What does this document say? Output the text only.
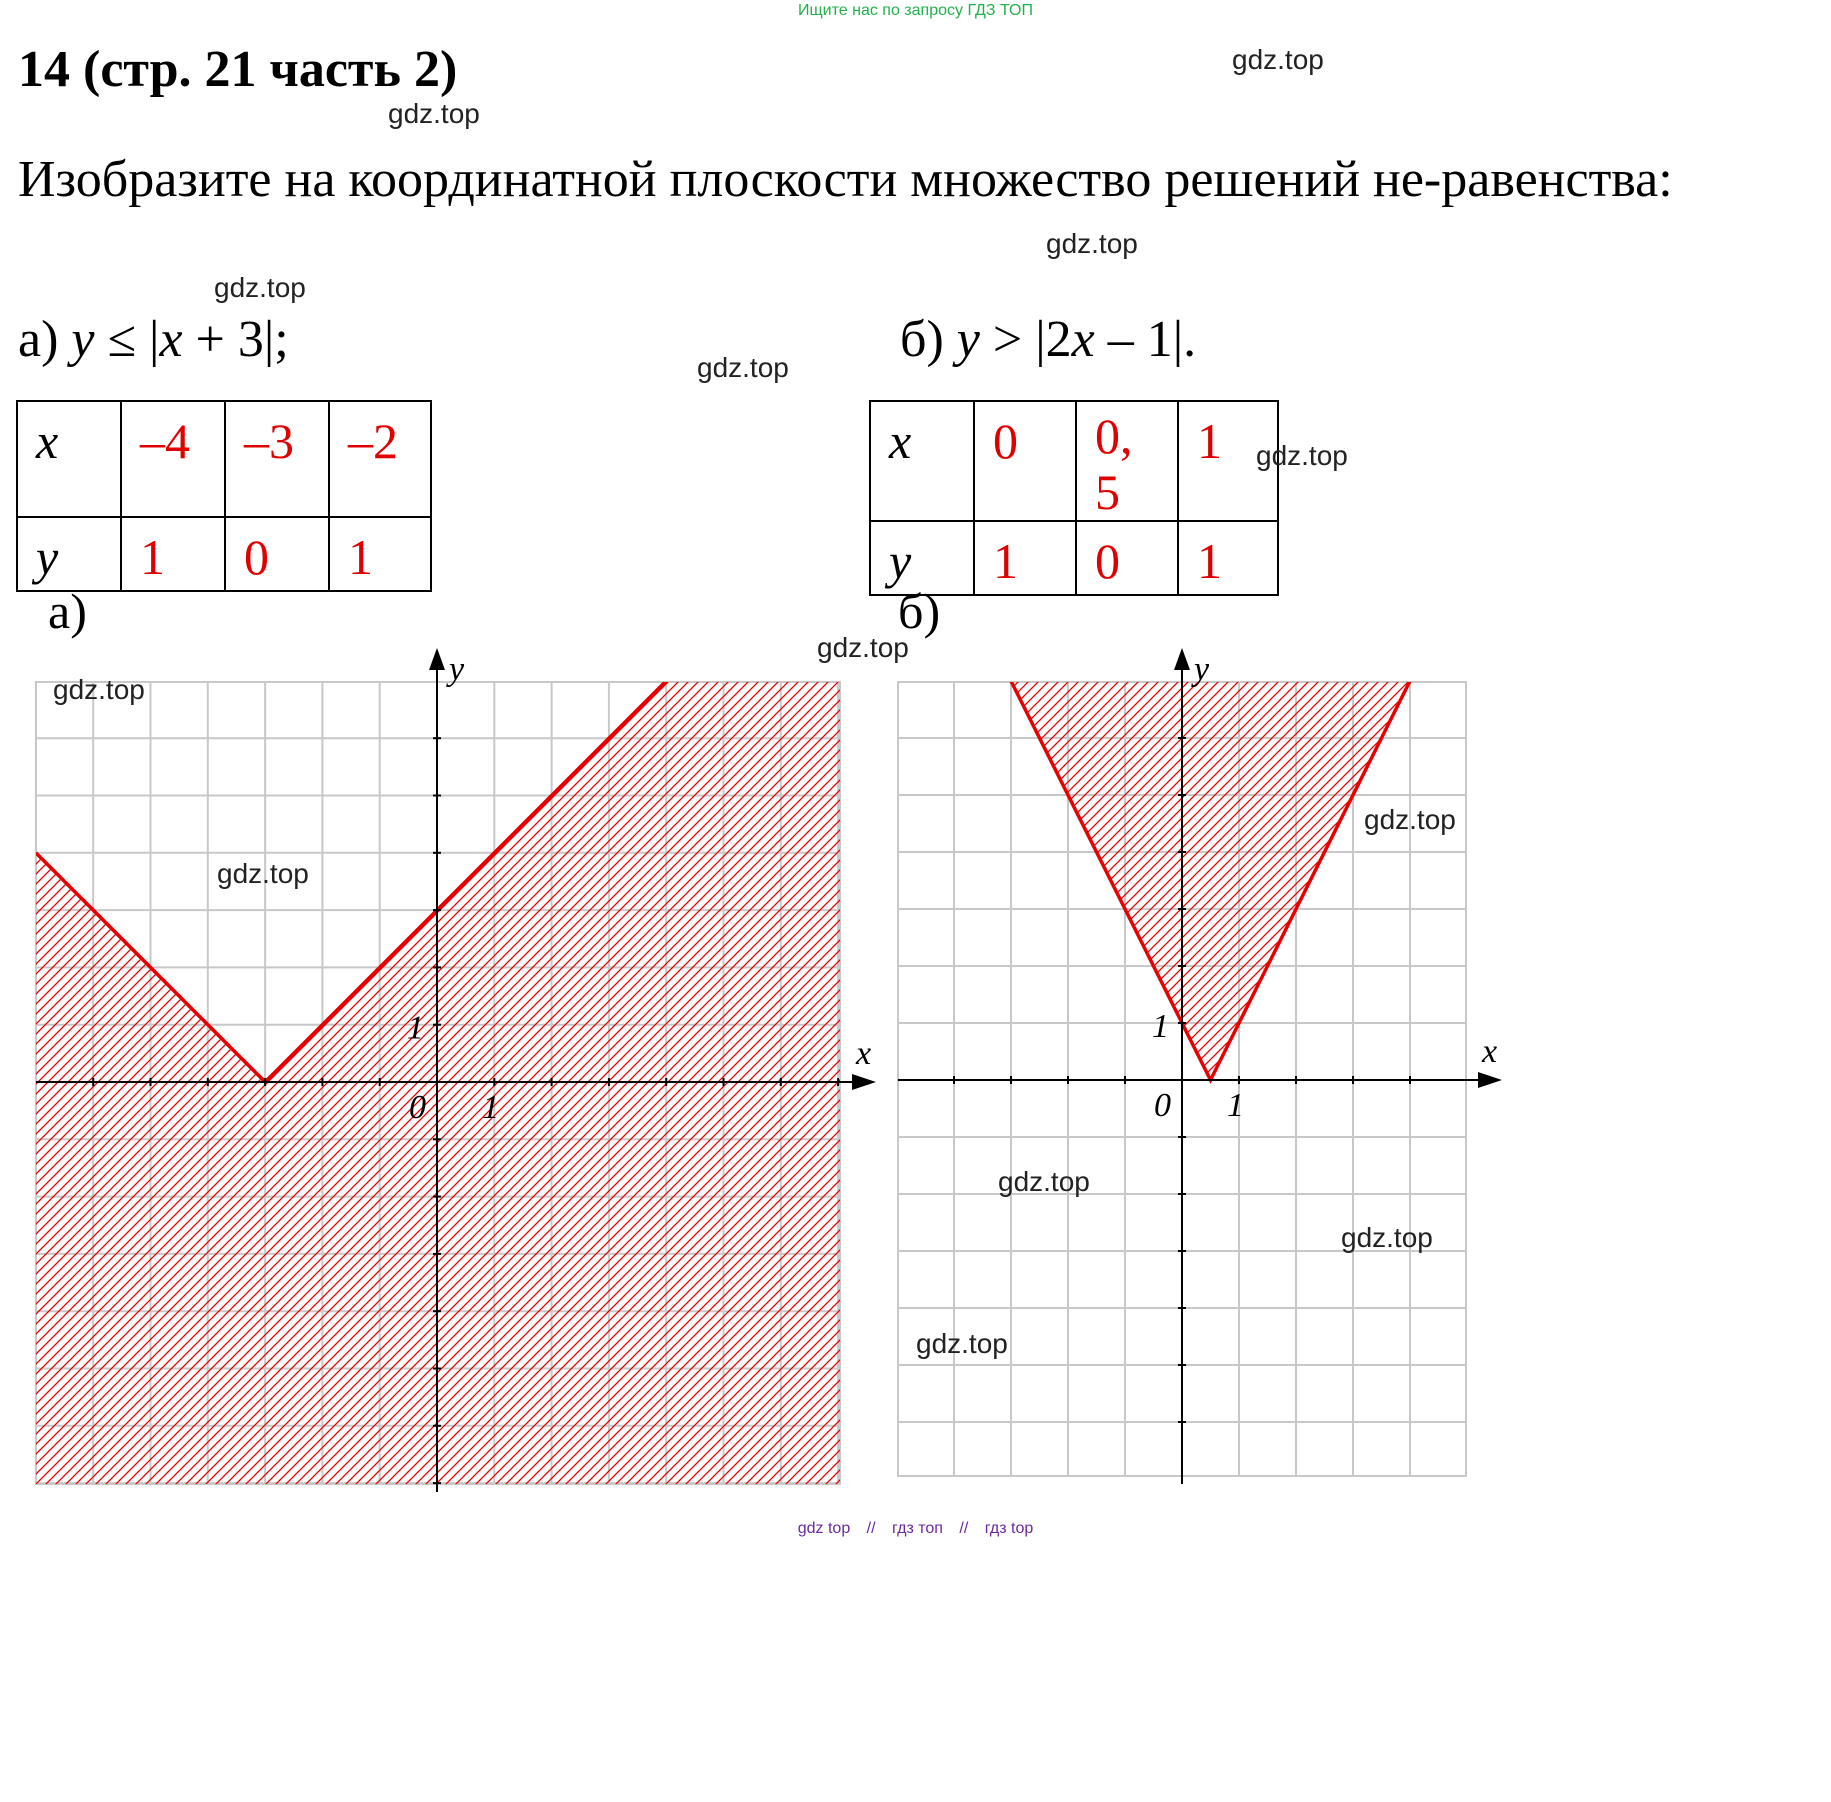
Ищите нас по запросу ГДЗ ТОП
14 (стр. 21 часть 2)
Изобразите на координатной плоскости множество решений не-равенства:
а) y ≤ |x + 3|;	б) y > |2x – 1|.
x	–4	–3	–2
y	1	0	1
x	0	0, 5	1
y	1	0	1
а)	б)
x
y
0 1
1
x
y
0 1
1
gdz.top
gdz.top
gdz.top
gdz.top
gdz.top
gdz.top
gdz.top
gdz.top
gdz.top
gdz.top
gdz.top
gdz.top
gdz.top
gdz top // гдз топ // гдз top
